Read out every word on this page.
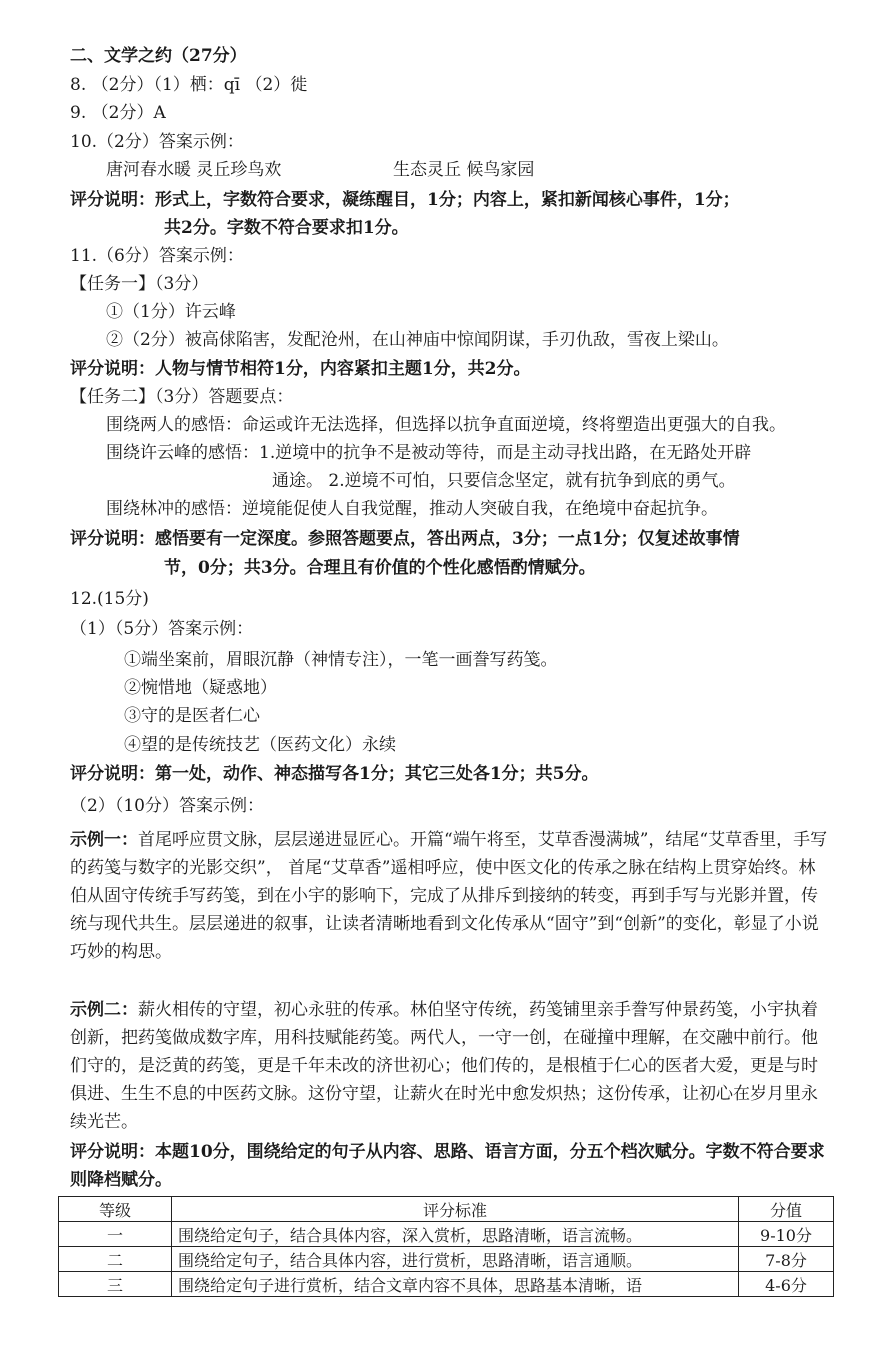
二、文学之约（27分）
8. （2分）（1）栖：qī （2）徙
9. （2分）A
10.（2分）答案示例：
唐河春水暖 灵丘珍鸟欢	生态灵丘 候鸟家园
评分说明：形式上，字数符合要求，凝练醒目，1分；内容上，紧扣新闻核心事件，1分；
共2分。字数不符合要求扣1分。
11.（6分）答案示例：
【任务一】（3分）
①（1分）许云峰
②（2分）被高俅陷害，发配沧州，在山神庙中惊闻阴谋，手刃仇敌，雪夜上梁山。
评分说明：人物与情节相符1分，内容紧扣主题1分，共2分。
【任务二】（3分）答题要点：
围绕两人的感悟：命运或许无法选择，但选择以抗争直面逆境，终将塑造出更强大的自我。
围绕许云峰的感悟：1.逆境中的抗争不是被动等待，而是主动寻找出路，在无路处开辟
通途。 2.逆境不可怕，只要信念坚定，就有抗争到底的勇气。
围绕林冲的感悟：逆境能促使人自我觉醒，推动人突破自我，在绝境中奋起抗争。
评分说明：感悟要有一定深度。参照答题要点，答出两点，3分；一点1分；仅复述故事情
节，0分；共3分。合理且有价值的个性化感悟酌情赋分。
12.(15分)
（1）（5分）答案示例：
①端坐案前，眉眼沉静（神情专注），一笔一画誊写药笺。
②惋惜地（疑惑地）
③守的是医者仁心
④望的是传统技艺（医药文化）永续
评分说明：第一处，动作、神态描写各1分；其它三处各1分；共5分。
（2）（10分）答案示例：
示例一：首尾呼应贯文脉，层层递进显匠心。开篇“端午将至，艾草香漫满城”，结尾“艾草香里，手写的药笺与数字的光影交织”， 首尾“艾草香”遥相呼应，使中医文化的传承之脉在结构上贯穿始终。林伯从固守传统手写药笺，到在小宇的影响下，完成了从排斥到接纳的转变，再到手写与光影并置，传统与现代共生。层层递进的叙事，让读者清晰地看到文化传承从“固守”到“创新”的变化，彰显了小说巧妙的构思。
示例二：薪火相传的守望，初心永驻的传承。林伯坚守传统，药笺铺里亲手誊写仲景药笺，小宇执着创新，把药笺做成数字库，用科技赋能药笺。两代人，一守一创，在碰撞中理解，在交融中前行。他们守的，是泛黄的药笺，更是千年未改的济世初心；他们传的，是根植于仁心的医者大爱，更是与时俱进、生生不息的中医药文脉。这份守望，让薪火在时光中愈发炽热；这份传承，让初心在岁月里永续光芒。
评分说明：本题10分，围绕给定的句子从内容、思路、语言方面，分五个档次赋分。字数不符合要求则降档赋分。
等级	评分标准	分值
一	围绕给定句子，结合具体内容，深入赏析，思路清晰，语言流畅。	9-10分
二	围绕给定句子，结合具体内容，进行赏析，思路清晰，语言通顺。	7-8分
三	围绕给定句子进行赏析，结合文章内容不具体，思路基本清晰，语	4-6分
